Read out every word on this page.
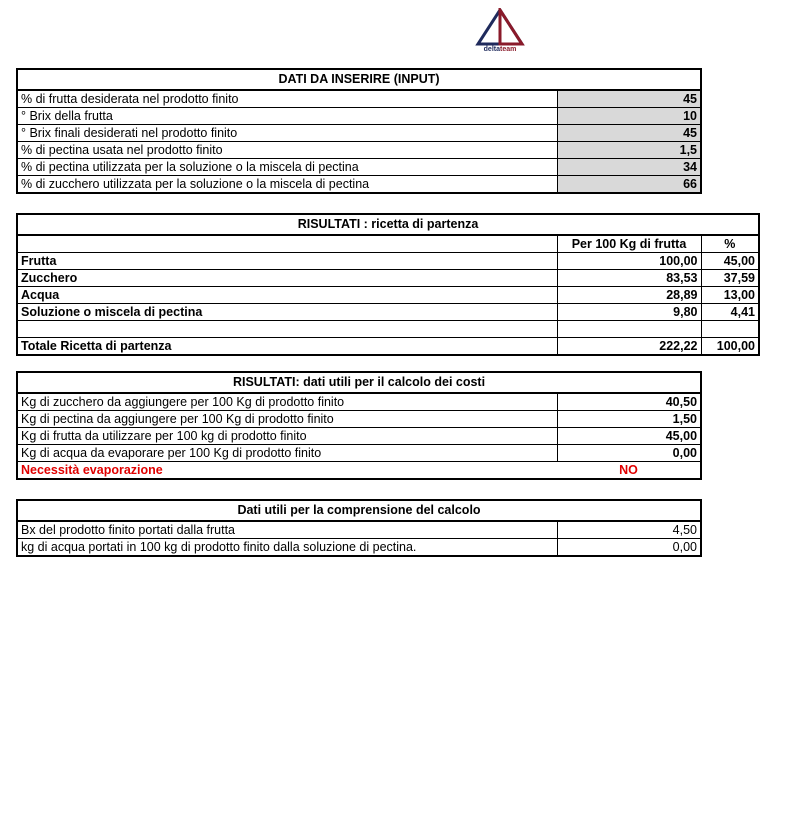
deltateam
DATI DA INSERIRE (INPUT)	
% di frutta desiderata nel prodotto finito	45
° Brix della frutta	10
° Brix finali desiderati nel prodotto finito	45
% di pectina usata nel prodotto finito	1,5
% di pectina utilizzata per la soluzione o la miscela di pectina	34
% di zucchero utilizzata per la soluzione o la miscela di pectina	66
RISULTATI : ricetta di partenza		
	Per 100 Kg di frutta	%
Frutta	100,00	45,00
Zucchero	83,53	37,59
Acqua	28,89	13,00
Soluzione o miscela di pectina	9,80	4,41

Totale Ricetta di partenza	222,22	100,00
RISULTATI: dati utili per il calcolo dei costi	
Kg di zucchero da aggiungere per 100 Kg di prodotto finito	40,50
Kg di pectina da aggiungere per 100 Kg di prodotto finito	1,50
Kg di frutta da utilizzare per 100 kg di prodotto finito	45,00
Kg di acqua da evaporare per 100 Kg di prodotto finito	0,00
Necessità evaporazione	NO
Dati utili per la comprensione del calcolo	
Bx del prodotto finito portati dalla frutta	4,50
kg di acqua portati in 100 kg di prodotto finito dalla soluzione di pectina.	0,00
